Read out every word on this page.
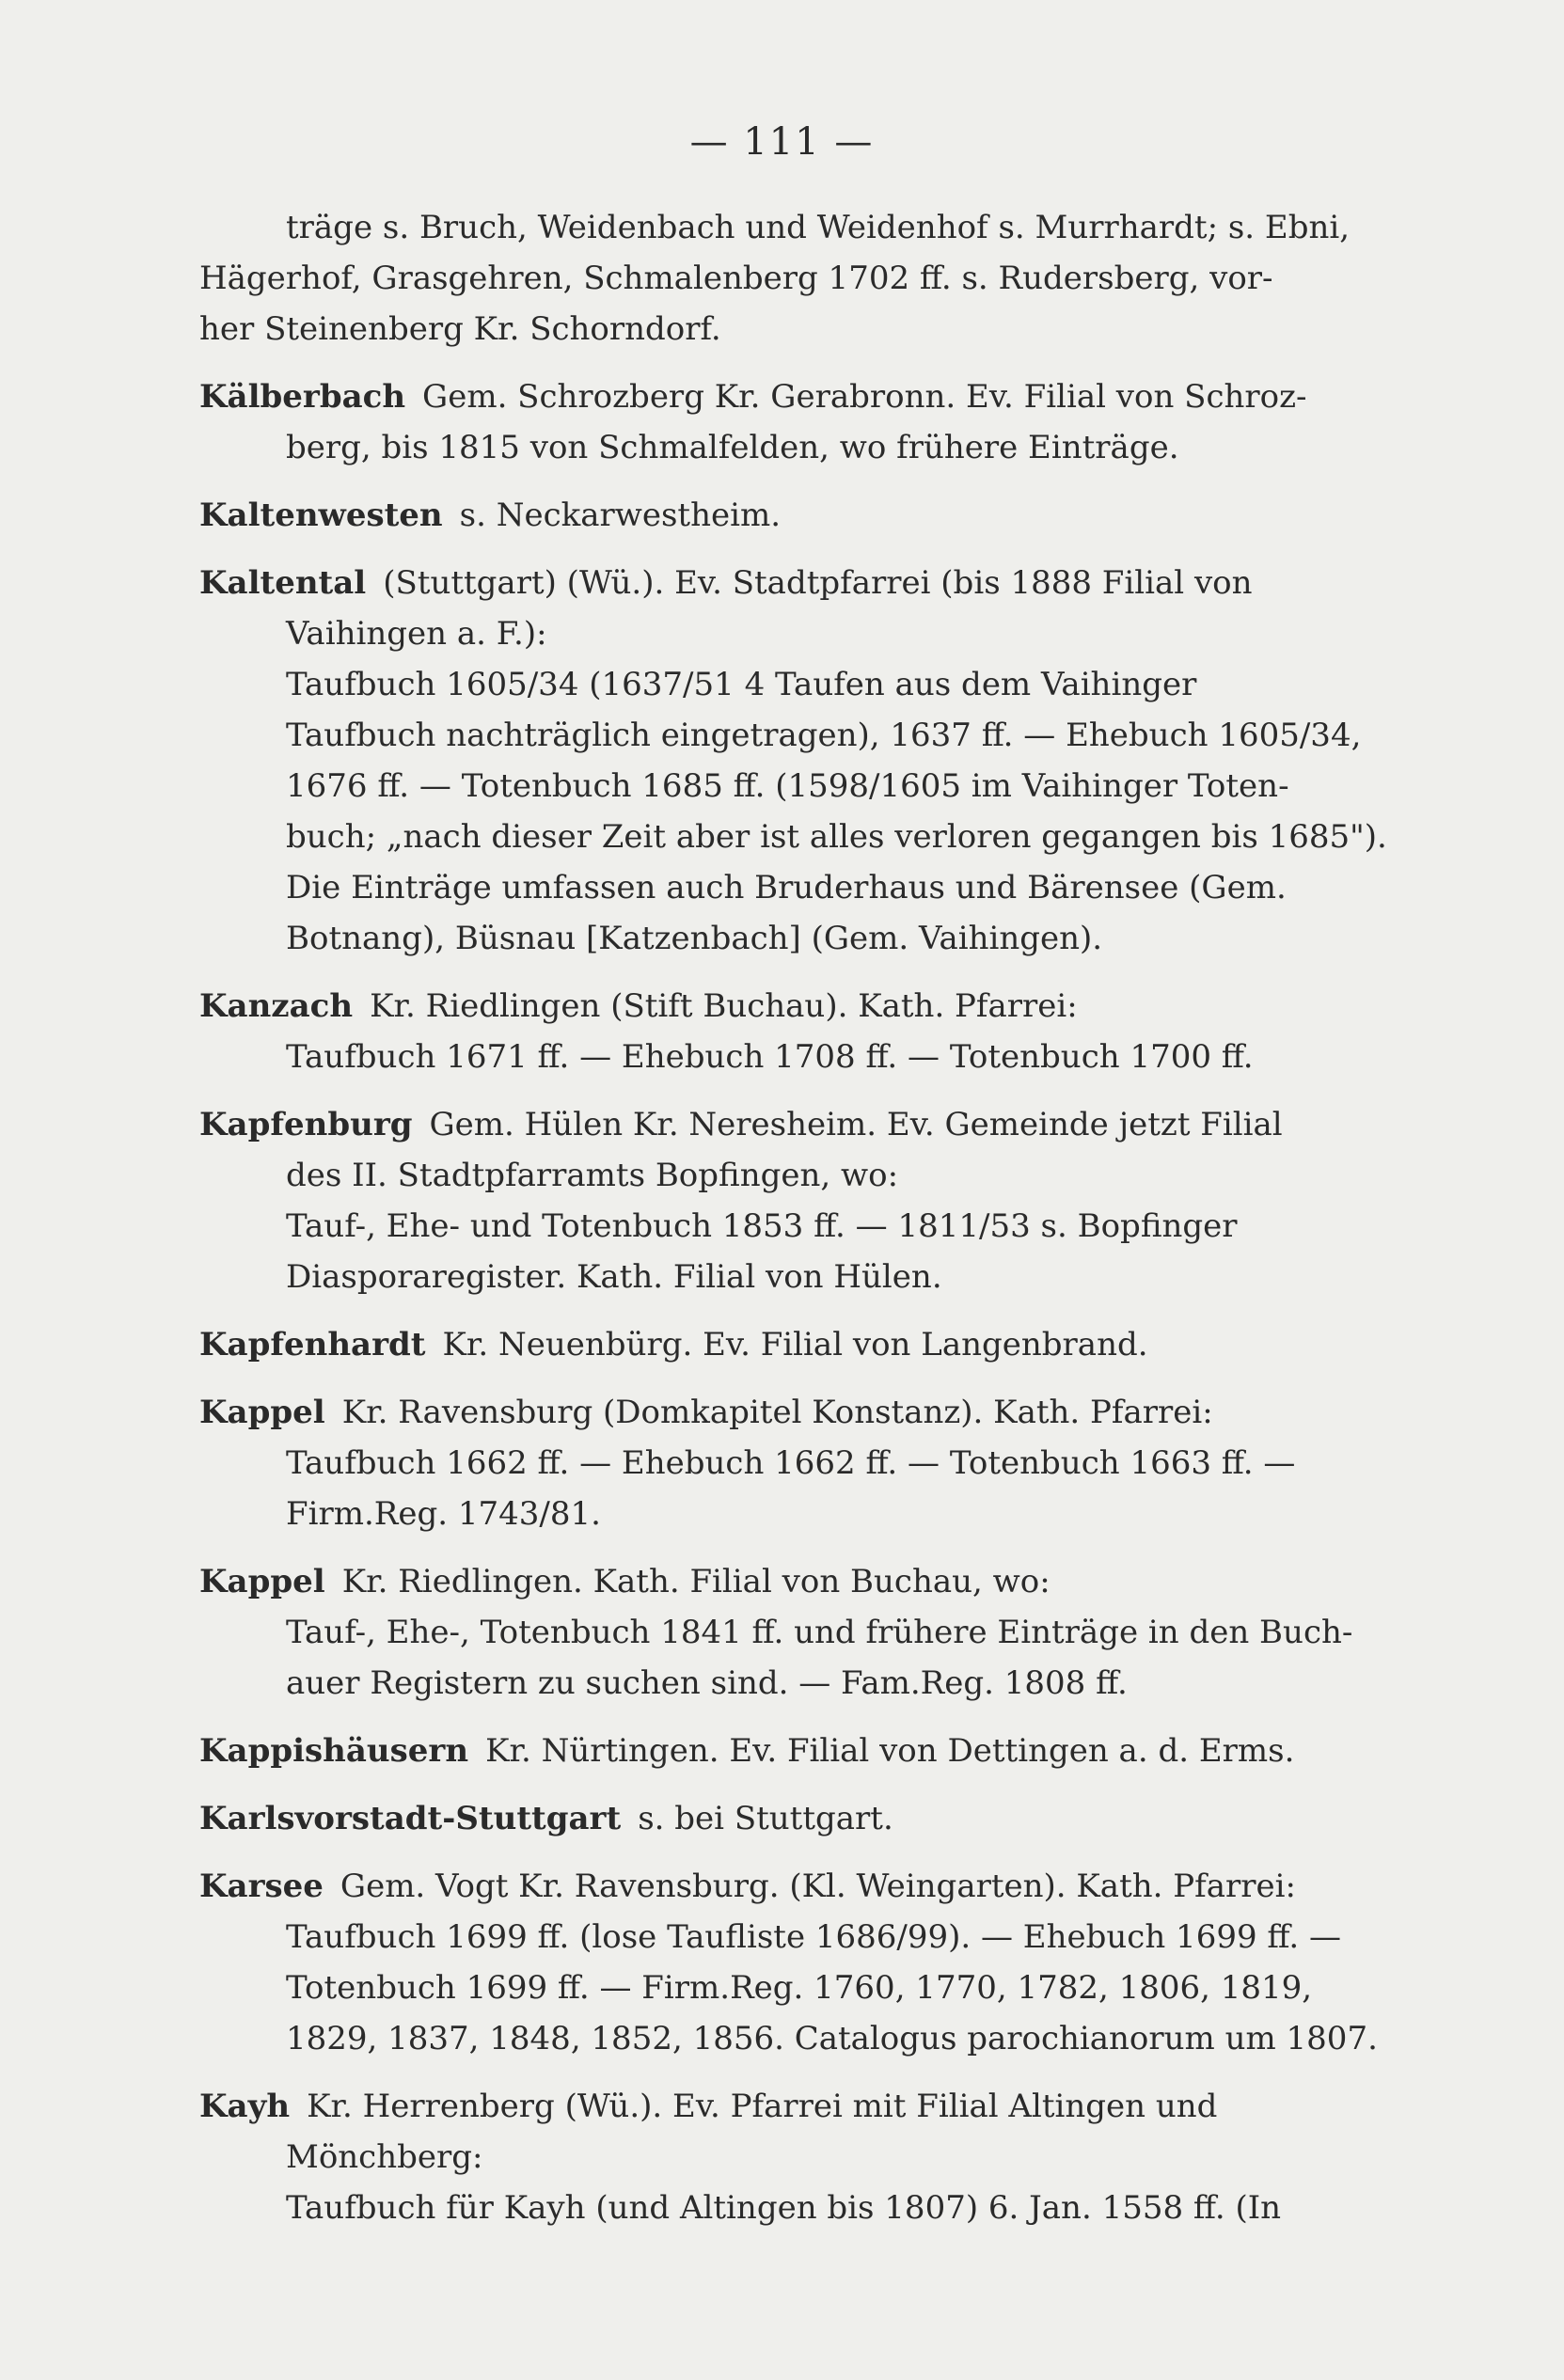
— 111 —
träge s. Bruch, Weidenbach und Weidenhof s. Murrhardt; s. Ebni,
Hägerhof, Grasgehren, Schmalenberg 1702 ff. s. Rudersberg, vor-
her Steinenberg Kr. Schorndorf.
Kälberbach Gem. Schrozberg Kr. Gerabronn. Ev. Filial von Schroz-
berg, bis 1815 von Schmalfelden, wo frühere Einträge.
Kaltenwesten s. Neckarwestheim.
Kaltental (Stuttgart) (Wü.). Ev. Stadtpfarrei (bis 1888 Filial von
Vaihingen a. F.):
Taufbuch 1605/34 (1637/51 4 Taufen aus dem Vaihinger
Taufbuch nachträglich eingetragen), 1637 ff. — Ehebuch 1605/34,
1676 ff. — Totenbuch 1685 ff. (1598/1605 im Vaihinger Toten-
buch; „nach dieser Zeit aber ist alles verloren gegangen bis 1685").
Die Einträge umfassen auch Bruderhaus und Bärensee (Gem.
Botnang), Büsnau [Katzenbach] (Gem. Vaihingen).
Kanzach Kr. Riedlingen (Stift Buchau). Kath. Pfarrei:
Taufbuch 1671 ff. — Ehebuch 1708 ff. — Totenbuch 1700 ff.
Kapfenburg Gem. Hülen Kr. Neresheim. Ev. Gemeinde jetzt Filial
des II. Stadtpfarramts Bopfingen, wo:
Tauf-, Ehe- und Totenbuch 1853 ff. — 1811/53 s. Bopfinger
Diasporaregister. Kath. Filial von Hülen.
Kapfenhardt Kr. Neuenbürg. Ev. Filial von Langenbrand.
Kappel Kr. Ravensburg (Domkapitel Konstanz). Kath. Pfarrei:
Taufbuch 1662 ff. — Ehebuch 1662 ff. — Totenbuch 1663 ff. —
Firm.Reg. 1743/81.
Kappel Kr. Riedlingen. Kath. Filial von Buchau, wo:
Tauf-, Ehe-, Totenbuch 1841 ff. und frühere Einträge in den Buch-
auer Registern zu suchen sind. — Fam.Reg. 1808 ff.
Kappishäusern Kr. Nürtingen. Ev. Filial von Dettingen a. d. Erms.
Karlsvorstadt-Stuttgart s. bei Stuttgart.
Karsee Gem. Vogt Kr. Ravensburg. (Kl. Weingarten). Kath. Pfarrei:
Taufbuch 1699 ff. (lose Taufliste 1686/99). — Ehebuch 1699 ff. —
Totenbuch 1699 ff. — Firm.Reg. 1760, 1770, 1782, 1806, 1819,
1829, 1837, 1848, 1852, 1856. Catalogus parochianorum um 1807.
Kayh Kr. Herrenberg (Wü.). Ev. Pfarrei mit Filial Altingen und
Mönchberg:
Taufbuch für Kayh (und Altingen bis 1807) 6. Jan. 1558 ff. (In
